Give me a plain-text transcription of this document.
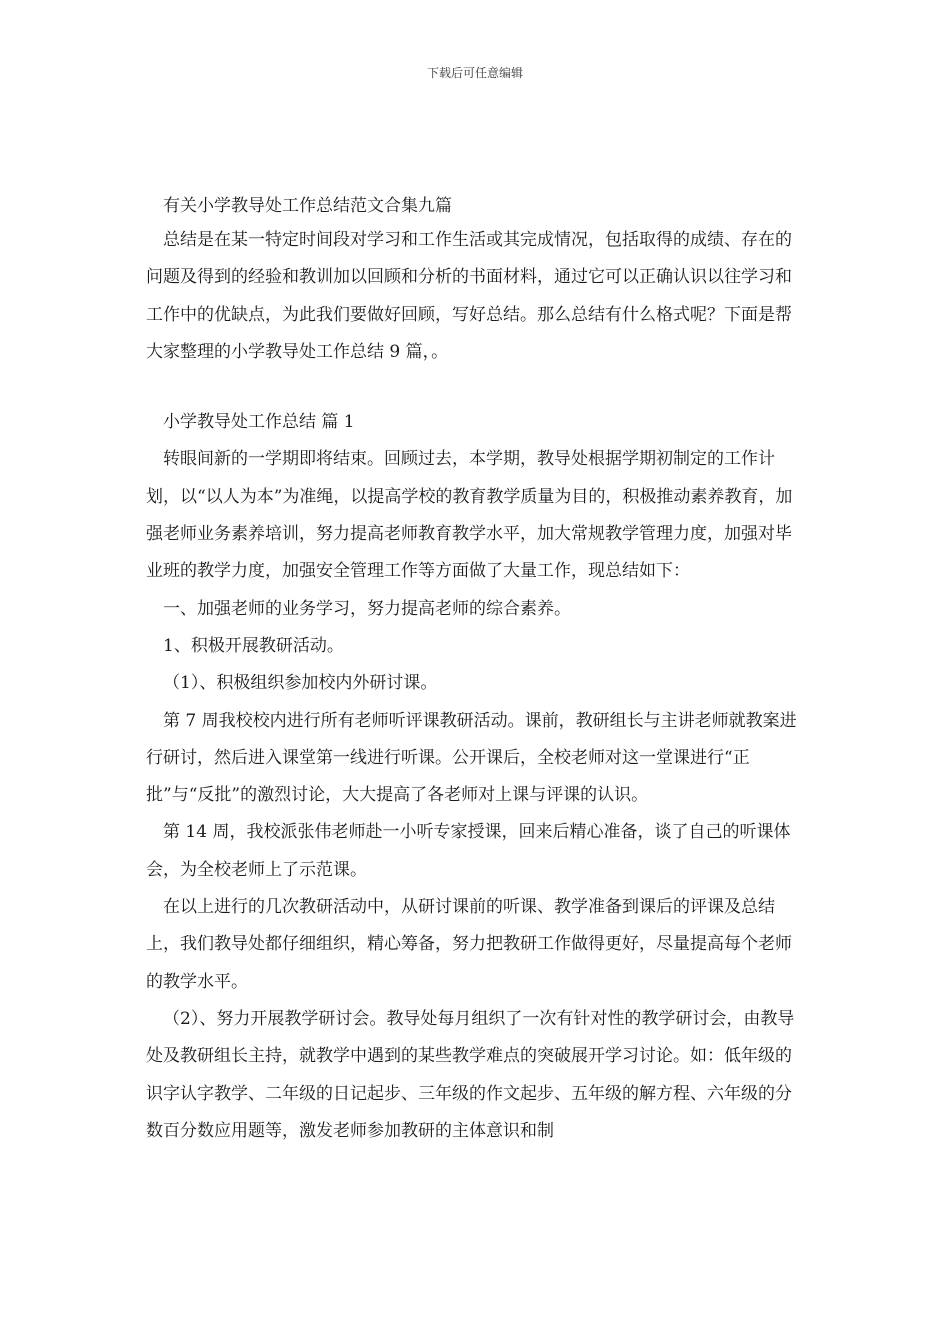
下载后可任意编辑

有关小学教导处工作总结范文合集九篇

总结是在某一特定时间段对学习和工作生活或其完成情况，包括取得的成绩、存在的问题及得到的经验和教训加以回顾和分析的书面材料，通过它可以正确认识以往学习和工作中的优缺点，为此我们要做好回顾，写好总结。那么总结有什么格式呢？下面是帮大家整理的小学教导处工作总结 9 篇，。

小学教导处工作总结 篇 1

转眼间新的一学期即将结束。回顾过去，本学期，教导处根据学期初制定的工作计划，以“以人为本”为准绳，以提高学校的教育教学质量为目的，积极推动素养教育，加强老师业务素养培训，努力提高老师教育教学水平，加大常规教学管理力度，加强对毕业班的教学力度，加强安全管理工作等方面做了大量工作，现总结如下：

一、加强老师的业务学习，努力提高老师的综合素养。

1、积极开展教研活动。

（1）、积极组织参加校内外研讨课。

第 7 周我校校内进行所有老师听评课教研活动。课前，教研组长与主讲老师就教案进行研讨，然后进入课堂第一线进行听课。公开课后，全校老师对这一堂课进行“正批”与“反批”的激烈讨论，大大提高了各老师对上课与评课的认识。

第 14 周，我校派张伟老师赴一小听专家授课，回来后精心准备，谈了自己的听课体会，为全校老师上了示范课。

在以上进行的几次教研活动中，从研讨课前的听课、教学准备到课后的评课及总结上，我们教导处都仔细组织，精心筹备，努力把教研工作做得更好，尽量提高每个老师的教学水平。

（2）、努力开展教学研讨会。教导处每月组织了一次有针对性的教学研讨会，由教导处及教研组长主持，就教学中遇到的某些教学难点的突破展开学习讨论。如：低年级的识字认字教学、二年级的日记起步、三年级的作文起步、五年级的解方程、六年级的分数百分数应用题等，激发老师参加教研的主体意识和制
